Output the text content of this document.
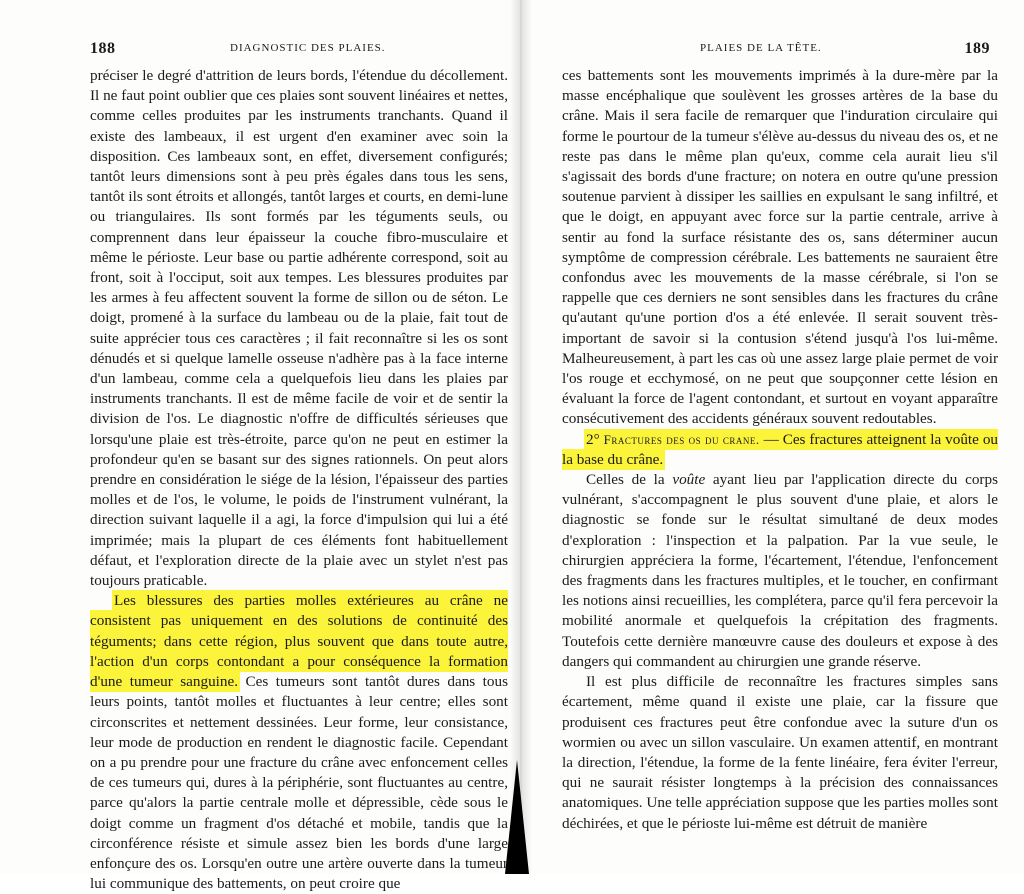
188	DIAGNOSTIC DES PLAIES.

préciser le degré d'attrition de leurs bords, l'étendue du décollement. Il ne faut point oublier que ces plaies sont souvent linéaires et nettes, comme celles produites par les instruments tranchants. Quand il existe des lambeaux, il est urgent d'en examiner avec soin la disposition. Ces lambeaux sont, en effet, diversement configurés; tantôt leurs dimensions sont à peu près égales dans tous les sens, tantôt ils sont étroits et allongés, tantôt larges et courts, en demi-lune ou triangulaires. Ils sont formés par les téguments seuls, ou comprennent dans leur épaisseur la couche fibro-musculaire et même le périoste. Leur base ou partie adhérente correspond, soit au front, soit à l'occiput, soit aux tempes. Les blessures produites par les armes à feu affectent souvent la forme de sillon ou de séton. Le doigt, promené à la surface du lambeau ou de la plaie, fait tout de suite apprécier tous ces caractères ; il fait reconnaître si les os sont dénudés et si quelque lamelle osseuse n'adhère pas à la face interne d'un lambeau, comme cela a quelquefois lieu dans les plaies par instruments tranchants. Il est de même facile de voir et de sentir la division de l'os. Le diagnostic n'offre de difficultés sérieuses que lorsqu'une plaie est très-étroite, parce qu'on ne peut en estimer la profondeur qu'en se basant sur des signes rationnels. On peut alors prendre en considération le siége de la lésion, l'épaisseur des parties molles et de l'os, le volume, le poids de l'instrument vulnérant, la direction suivant laquelle il a agi, la force d'impulsion qui lui a été imprimée; mais la plupart de ces éléments font habituellement défaut, et l'exploration directe de la plaie avec un stylet n'est pas toujours praticable.

Les blessures des parties molles extérieures au crâne ne consistent pas uniquement en des solutions de continuité des téguments; dans cette région, plus souvent que dans toute autre, l'action d'un corps contondant a pour conséquence la formation d'une tumeur sanguine. Ces tumeurs sont tantôt dures dans tous leurs points, tantôt molles et fluctuantes à leur centre; elles sont circonscrites et nettement dessinées. Leur forme, leur consistance, leur mode de production en rendent le diagnostic facile. Cependant on a pu prendre pour une fracture du crâne avec enfoncement celles de ces tumeurs qui, dures à la périphérie, sont fluctuantes au centre, parce qu'alors la partie centrale molle et dépressible, cède sous le doigt comme un fragment d'os détaché et mobile, tandis que la circonférence résiste et simule assez bien les bords d'une large enfonçure des os. Lorsqu'en outre une artère ouverte dans la tumeur lui communique des battements, on peut croire que

PLAIES DE LA TÊTE.	189

ces battements sont les mouvements imprimés à la dure-mère par la masse encéphalique que soulèvent les grosses artères de la base du crâne. Mais il sera facile de remarquer que l'induration circulaire qui forme le pourtour de la tumeur s'élève au-dessus du niveau des os, et ne reste pas dans le même plan qu'eux, comme cela aurait lieu s'il s'agissait des bords d'une fracture; on notera en outre qu'une pression soutenue parvient à dissiper les saillies en expulsant le sang infiltré, et que le doigt, en appuyant avec force sur la partie centrale, arrive à sentir au fond la surface résistante des os, sans déterminer aucun symptôme de compression cérébrale. Les battements ne sauraient être confondus avec les mouvements de la masse cérébrale, si l'on se rappelle que ces derniers ne sont sensibles dans les fractures du crâne qu'autant qu'une portion d'os a été enlevée. Il serait souvent très-important de savoir si la contusion s'étend jusqu'à l'os lui-même. Malheureusement, à part les cas où une assez large plaie permet de voir l'os rouge et ecchymosé, on ne peut que soupçonner cette lésion en évaluant la force de l'agent contondant, et surtout en voyant apparaître consécutivement des accidents généraux souvent redoutables.

2° Fractures des os du crane. — Ces fractures atteignent la voûte ou la base du crâne.

Celles de la voûte ayant lieu par l'application directe du corps vulnérant, s'accompagnent le plus souvent d'une plaie, et alors le diagnostic se fonde sur le résultat simultané de deux modes d'exploration : l'inspection et la palpation. Par la vue seule, le chirurgien appréciera la forme, l'écartement, l'étendue, l'enfoncement des fragments dans les fractures multiples, et le toucher, en confirmant les notions ainsi recueillies, les complétera, parce qu'il fera percevoir la mobilité anormale et quelquefois la crépitation des fragments. Toutefois cette dernière manœuvre cause des douleurs et expose à des dangers qui commandent au chirurgien une grande réserve.

Il est plus difficile de reconnaître les fractures simples sans écartement, même quand il existe une plaie, car la fissure que produisent ces fractures peut être confondue avec la suture d'un os wormien ou avec un sillon vasculaire. Un examen attentif, en montrant la direction, l'étendue, la forme de la fente linéaire, fera éviter l'erreur, qui ne saurait résister longtemps à la précision des connaissances anatomiques. Une telle appréciation suppose que les parties molles sont déchirées, et que le périoste lui-même est détruit de manière
